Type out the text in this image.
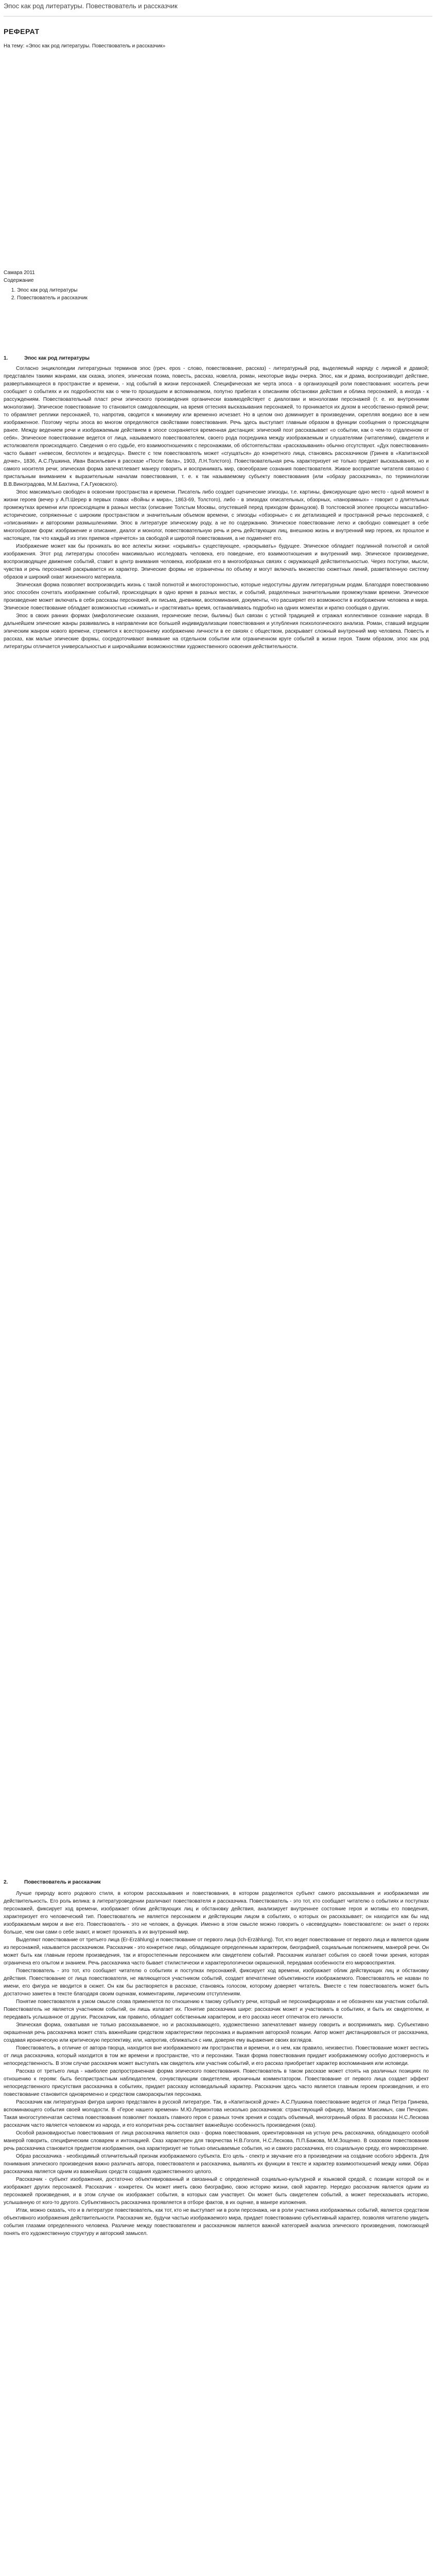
Эпос как род литературы. Повествователь и рассказчик
РЕФЕРАТ
На тему: «Эпос как род литературы. Повествователь и рассказчик»
Самара 2011
Содержание
1. Эпос как род литературы
2. Повествователь и рассказчик
1.	Эпос как род литературы

Согласно энциклопедии литературных терминов эпос (греч. epos - слово, повествование, рассказ) - литературный род, выделяемый наряду с лирикой и драмой; представлен такими жанрами, как сказка, эпопея, эпическая поэма, повесть, рассказ, новелла, роман, некоторые виды очерка. Эпос, как и драма, воспроизводит действие, развертывающееся в пространстве и времени, - ход событий в жизни персонажей. Специфическая же черта эпоса - в организующей роли повествования: носитель речи сообщает о событиях и их подробностях как о чем-то прошедшем и вспоминаемом, попутно прибегая к описаниям обстановки действия и облика персонажей, а иногда - к рассуждениям. Повествовательный пласт речи эпического произведения органически взаимодействует с диалогами и монологами персонажей (т. е. их внутренними монологами). Эпическое повествование то становится самодовлеющим, на время оттесняя высказывания персонажей, то проникается их духом в несобственно-прямой речи; то обрамляет реплики персонажей, то, напротив, сводится к минимуму или временно исчезает. Но в целом оно доминирует в произведении, скрепляя воедино все в нем изображенное. Поэтому черты эпоса во многом определяются свойствами повествования. Речь здесь выступает главным образом в функции сообщения о происходящем ранее. Между ведением речи и изображаемым действием в эпосе сохраняется временная дистанция: эпический поэт рассказывает «о событии, как о чем-то отдаленном от себя». Эпическое повествование ведется от лица, называемого повествователем, своего рода посредника между изображаемым и слушателями (читателями), свидетеля и истолкователя происходящего. Сведения о его судьбе, его взаимоотношениях с персонажами, об обстоятельствах «рассказывания» обычно отсутствуют. «Дух повествования» часто бывает «невесом, бесплотен и вездесущ». Вместе с тем повествователь может «сгущаться» до конкретного лица, становясь рассказчиком (Гринев в «Капитанской дочке», 1836, А.С.Пушкина, Иван Васильевич в рассказе «После бала», 1903, Л.Н.Толстого). Повествовательная речь характеризует не только предмет высказывания, но и самого носителя речи; эпическая форма запечатлевает манеру говорить и воспринимать мир, своеобразие сознания повествователя. Живое восприятие читателя связано с пристальным вниманием к выразительным началам повествования, т. е. к так называемому субъекту повествования (или «образу рассказчика», по терминологии В.В.Виноградова, М.М.Бахтина, Г.А.Гуковского).

Эпос максимально свободен в освоении пространства и времени. Писатель либо создает сценические эпизоды, т.е. картины, фиксирующие одно место - одной момент в жизни героев (вечер у А.П.Шерер в первых главах «Войны и мира», 1863-69, Толстого), либо - в эпизодах описательных, обзорных, «панорамных» - говорит о длительных промежутках времени или происходящем в разных местах (описание Толстым Москвы, опустевшей перед приходом французов). В толстовской эпопее процессы масштабно-исторические, сопряженные с широким пространством и значительным объемом времени, с эпизоды «обзорные» с их детализацией и пространной речью персонажей, с «описаниями» и авторскими размышлениями. Эпос в литературе эпическому роду, а не по содержанию. Эпическое повествование легко и свободно совмещает в себе многообразие форм: изображение и описание, диалог и монолог, повествовательную речь и речь действующих лиц, внешнюю жизнь и внутренний мир героев, их прошлое и настоящее, так что каждый из этих приемов «прячется» за свободой и широтой повествования, а не подменяет его.

Изображение может как бы проникать во все аспекты жизни: «скрывать» существующее, «раскрывать» будущее. Эпическое обладает подлинной полнотой и силой изображения. Этот род литературы способен максимально исследовать человека, его поведение, его взаимоотношения и внутренний мир. Эпическое произведение, воспроизводящее движение событий, ставит в центр внимания человека, изображая его в многообразных связях с окружающей действительностью. Через поступки, мысли, чувства и речь персонажей раскрывается их характер. Эпические формы не ограничены по объему и могут включать множество сюжетных линий, разветвленную систему образов и широкий охват жизненного материала.

Эпическая форма позволяет воспроизводить жизнь с такой полнотой и многосторонностью, которые недоступны другим литературным родам. Благодаря повествованию эпос способен сочетать изображение событий, происходящих в одно время в разных местах, и событий, разделенных значительными промежутками времени. Эпическое произведение может включать в себя рассказы персонажей, их письма, дневники, воспоминания, документы, что расширяет его возможности в изображении человека и мира. Эпическое повествование обладает возможностью «сжимать» и «растягивать» время, останавливаясь подробно на одних моментах и кратко сообщая о других.

Эпос в своих ранних формах (мифологические сказания, героические песни, былины) был связан с устной традицией и отражал коллективное сознание народа. В дальнейшем эпические жанры развивались в направлении все большей индивидуализации повествования и углубления психологического анализа. Роман, ставший ведущим эпическим жанром нового времени, стремится к всестороннему изображению личности в ее связях с обществом, раскрывает сложный внутренний мир человека. Повесть и рассказ, как малые эпические формы, сосредоточивают внимание на отдельном событии или ограниченном круге событий в жизни героя. Таким образом, эпос как род литературы отличается универсальностью и широчайшими возможностями художественного освоения действительности.

2.	Повествователь и рассказчик

Лучше природу всего родового стиля, в котором рассказывания и повествования, в котором разделяются субъект самого рассказывания и изображаемая им действительность. Его роль велика: в литературоведении различают повествователя и рассказчика. Повествователь - это тот, кто сообщает читателю о событиях и поступках персонажей, фиксирует ход времени, изображает облик действующих лиц и обстановку действия, анализирует внутреннее состояние героя и мотивы его поведения, характеризует его человеческий тип. Повествователь не является персонажем и действующим лицом в событиях, о которых он рассказывает; он находится как бы над изображаемым миром и вне его. Повествователь - это не человек, а функция. Именно в этом смысле можно говорить о «всеведущем» повествователе: он знает о героях больше, чем они сами о себе знают, и может проникать в их внутренний мир.

Выделяют повествование от третьего лица (Er-Erzählung) и повествование от первого лица (Ich-Erzählung). Тот, кто ведет повествование от первого лица и является одним из персонажей, называется рассказчиком. Рассказчик - это конкретное лицо, обладающее определенным характером, биографией, социальным положением, манерой речи. Он может быть как главным героем произведения, так и второстепенным персонажем или свидетелем событий. Рассказчик излагает события со своей точки зрения, которая ограничена его опытом и знанием. Речь рассказчика часто бывает стилистически и характерологически окрашенной, передавая особенности его мировосприятия.

Повествователь - это тот, кто сообщает читателю о событиях и поступках персонажей, фиксирует ход времени, изображает облик действующих лиц и обстановку действия. Повествование от лица повествователя, не являющегося участником событий, создает впечатление объективности изображаемого. Повествователь не назван по имени, его фигура не вводится в сюжет. Он как бы растворяется в рассказе, становясь голосом, которому доверяет читатель. Вместе с тем повествователь может быть достаточно заметен в тексте благодаря своим оценкам, комментариям, лирическим отступлениям.

Понятие повествователя в узком смысле слова применяется по отношению к такому субъекту речи, который не персонифицирован и не обозначен как участник событий. Повествователь не является участником событий, он лишь излагает их. Понятие рассказчика шире: рассказчик может и участвовать в событиях, и быть их свидетелем, и передавать услышанное от других. Рассказчик, как правило, обладает собственным характером, и его рассказ несет отпечаток его личности.

Эпическая форма, охватывая не только рассказываемое, но и рассказывающего, художественно запечатлевает манеру говорить и воспринимать мир. Субъективно окрашенная речь рассказчика может стать важнейшим средством характеристики персонажа и выражения авторской позиции. Автор может дистанцироваться от рассказчика, создавая ироническую или критическую перспективу, или, напротив, сближаться с ним, доверяя ему выражение своих взглядов.

Повествователь, в отличие от автора-творца, находится вне изображаемого им пространства и времени, и о нем, как правило, неизвестно. Повествование может вестись от лица рассказчика, который находится в том же времени и пространстве, что и персонажи. Такая форма повествования придает изображаемому особую достоверность и непосредственность. В этом случае рассказчик может выступать как свидетель или участник событий, и его рассказ приобретает характер воспоминания или исповеди.

Рассказ от третьего лица - наиболее распространенная форма эпического повествования. Повествователь в таком рассказе может стоять на различных позициях по отношению к героям: быть беспристрастным наблюдателем, сочувствующим свидетелем, ироничным комментатором. Повествование от первого лица создает эффект непосредственного присутствия рассказчика в событиях, придает рассказу исповедальный характер. Рассказчик здесь часто является главным героем произведения, и его повествование становится одновременно и средством самораскрытия персонажа.

Рассказчик как литературная фигура широко представлен в русской литературе. Так, в «Капитанской дочке» А.С.Пушкина повествование ведется от лица Петра Гринева, вспоминающего события своей молодости. В «Герое нашего времени» М.Ю.Лермонтова несколько рассказчиков: странствующий офицер, Максим Максимыч, сам Печорин. Такая многоступенчатая система повествования позволяет показать главного героя с разных точек зрения и создать объемный, многогранный образ. В рассказах Н.С.Лескова рассказчик часто является человеком из народа, и его колоритная речь составляет важнейшую особенность произведения (сказ).

Особой разновидностью повествования от лица рассказчика является сказ - форма повествования, ориентированная на устную речь рассказчика, обладающего особой манерой говорить, специфическим словарем и интонацией. Сказ характерен для творчества Н.В.Гоголя, Н.С.Лескова, П.П.Бажова, М.М.Зощенко. В сказовом повествовании речь рассказчика становится предметом изображения, она характеризует не только описываемые события, но и самого рассказчика, его социальную среду, его мировоззрение.

Образ рассказчика - необходимый отличительный признак изображаемого субъекта. Его цель - спектр и звучание его в произведении на создание особого эффекта. Для понимания эпического произведения важно различать автора, повествователя и рассказчика, выявлять их функции в тексте и характер взаимоотношений между ними. Образ рассказчика является одним из важнейших средств создания художественного целого.

Рассказчик - субъект изображения, достаточно объективированный и связанный с определенной социально-культурной и языковой средой, с позиции которой он и изображает других персонажей. Рассказчик - конкретен. Он может иметь свою биографию, свою историю жизни, свой характер. Нередко рассказчик является одним из персонажей произведения, и в этом случае он изображает события, в которых сам участвует. Он может быть свидетелем событий, а может пересказывать историю, услышанную от кого-то другого. Субъективность рассказчика проявляется в отборе фактов, в их оценке, в манере изложения.

Итак, можно сказать, что и в литературе повествователь, как тот, кто не выступает ни в роли персонажа, ни в роли участника изображаемых событий, является средством объективного изображения действительности. Рассказчик же, будучи частью изображаемого мира, придает повествованию субъективный характер, позволяя читателю увидеть события глазами определенного человека. Различие между повествователем и рассказчиком является важной категорией анализа эпического произведения, помогающей понять его художественную структуру и авторский замысел.
